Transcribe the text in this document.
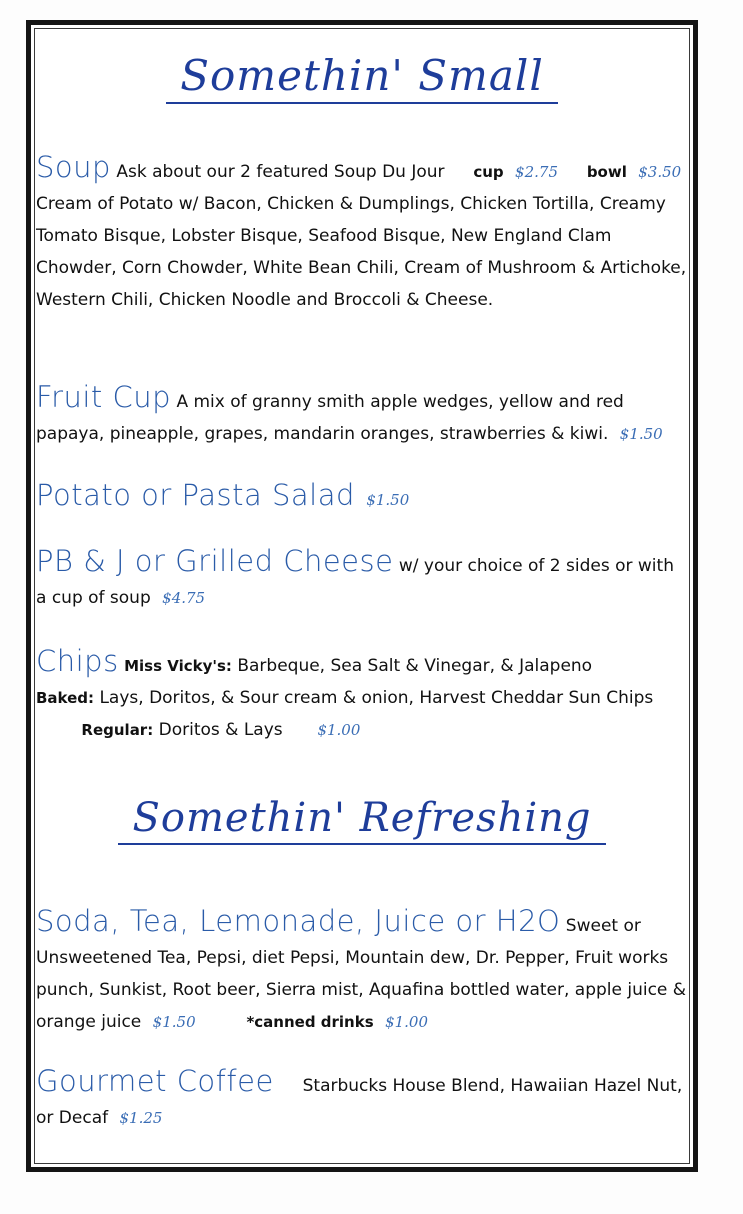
Somethin' Small
Soup Ask about our 2 featured Soup Du Jour cup $2.75 bowl $3.50
Cream of Potato w/ Bacon, Chicken & Dumplings, Chicken Tortilla, Creamy Tomato Bisque, Lobster Bisque, Seafood Bisque, New England Clam Chowder, Corn Chowder, White Bean Chili, Cream of Mushroom & Artichoke, Western Chili, Chicken Noodle and Broccoli & Cheese.
Fruit Cup A mix of granny smith apple wedges, yellow and red papaya, pineapple, grapes, mandarin oranges, strawberries & kiwi. $1.50
Potato or Pasta Salad $1.50
PB & J or Grilled Cheese w/ your choice of 2 sides or with a cup of soup $4.75
Chips Miss Vicky's: Barbeque, Sea Salt & Vinegar, & Jalapeno
Baked: Lays, Doritos, & Sour cream & onion, Harvest Cheddar Sun Chips  Regular: Doritos & Lays $1.00
Somethin' Refreshing
Soda, Tea, Lemonade, Juice or H2O Sweet or Unsweetened Tea, Pepsi, diet Pepsi, Mountain dew, Dr. Pepper, Fruit works punch, Sunkist, Root beer, Sierra mist, Aquafina bottled water, apple juice & orange juice $1.50	*canned drinks $1.00
Gourmet Coffee Starbucks House Blend, Hawaiian Hazel Nut, or Decaf $1.25
